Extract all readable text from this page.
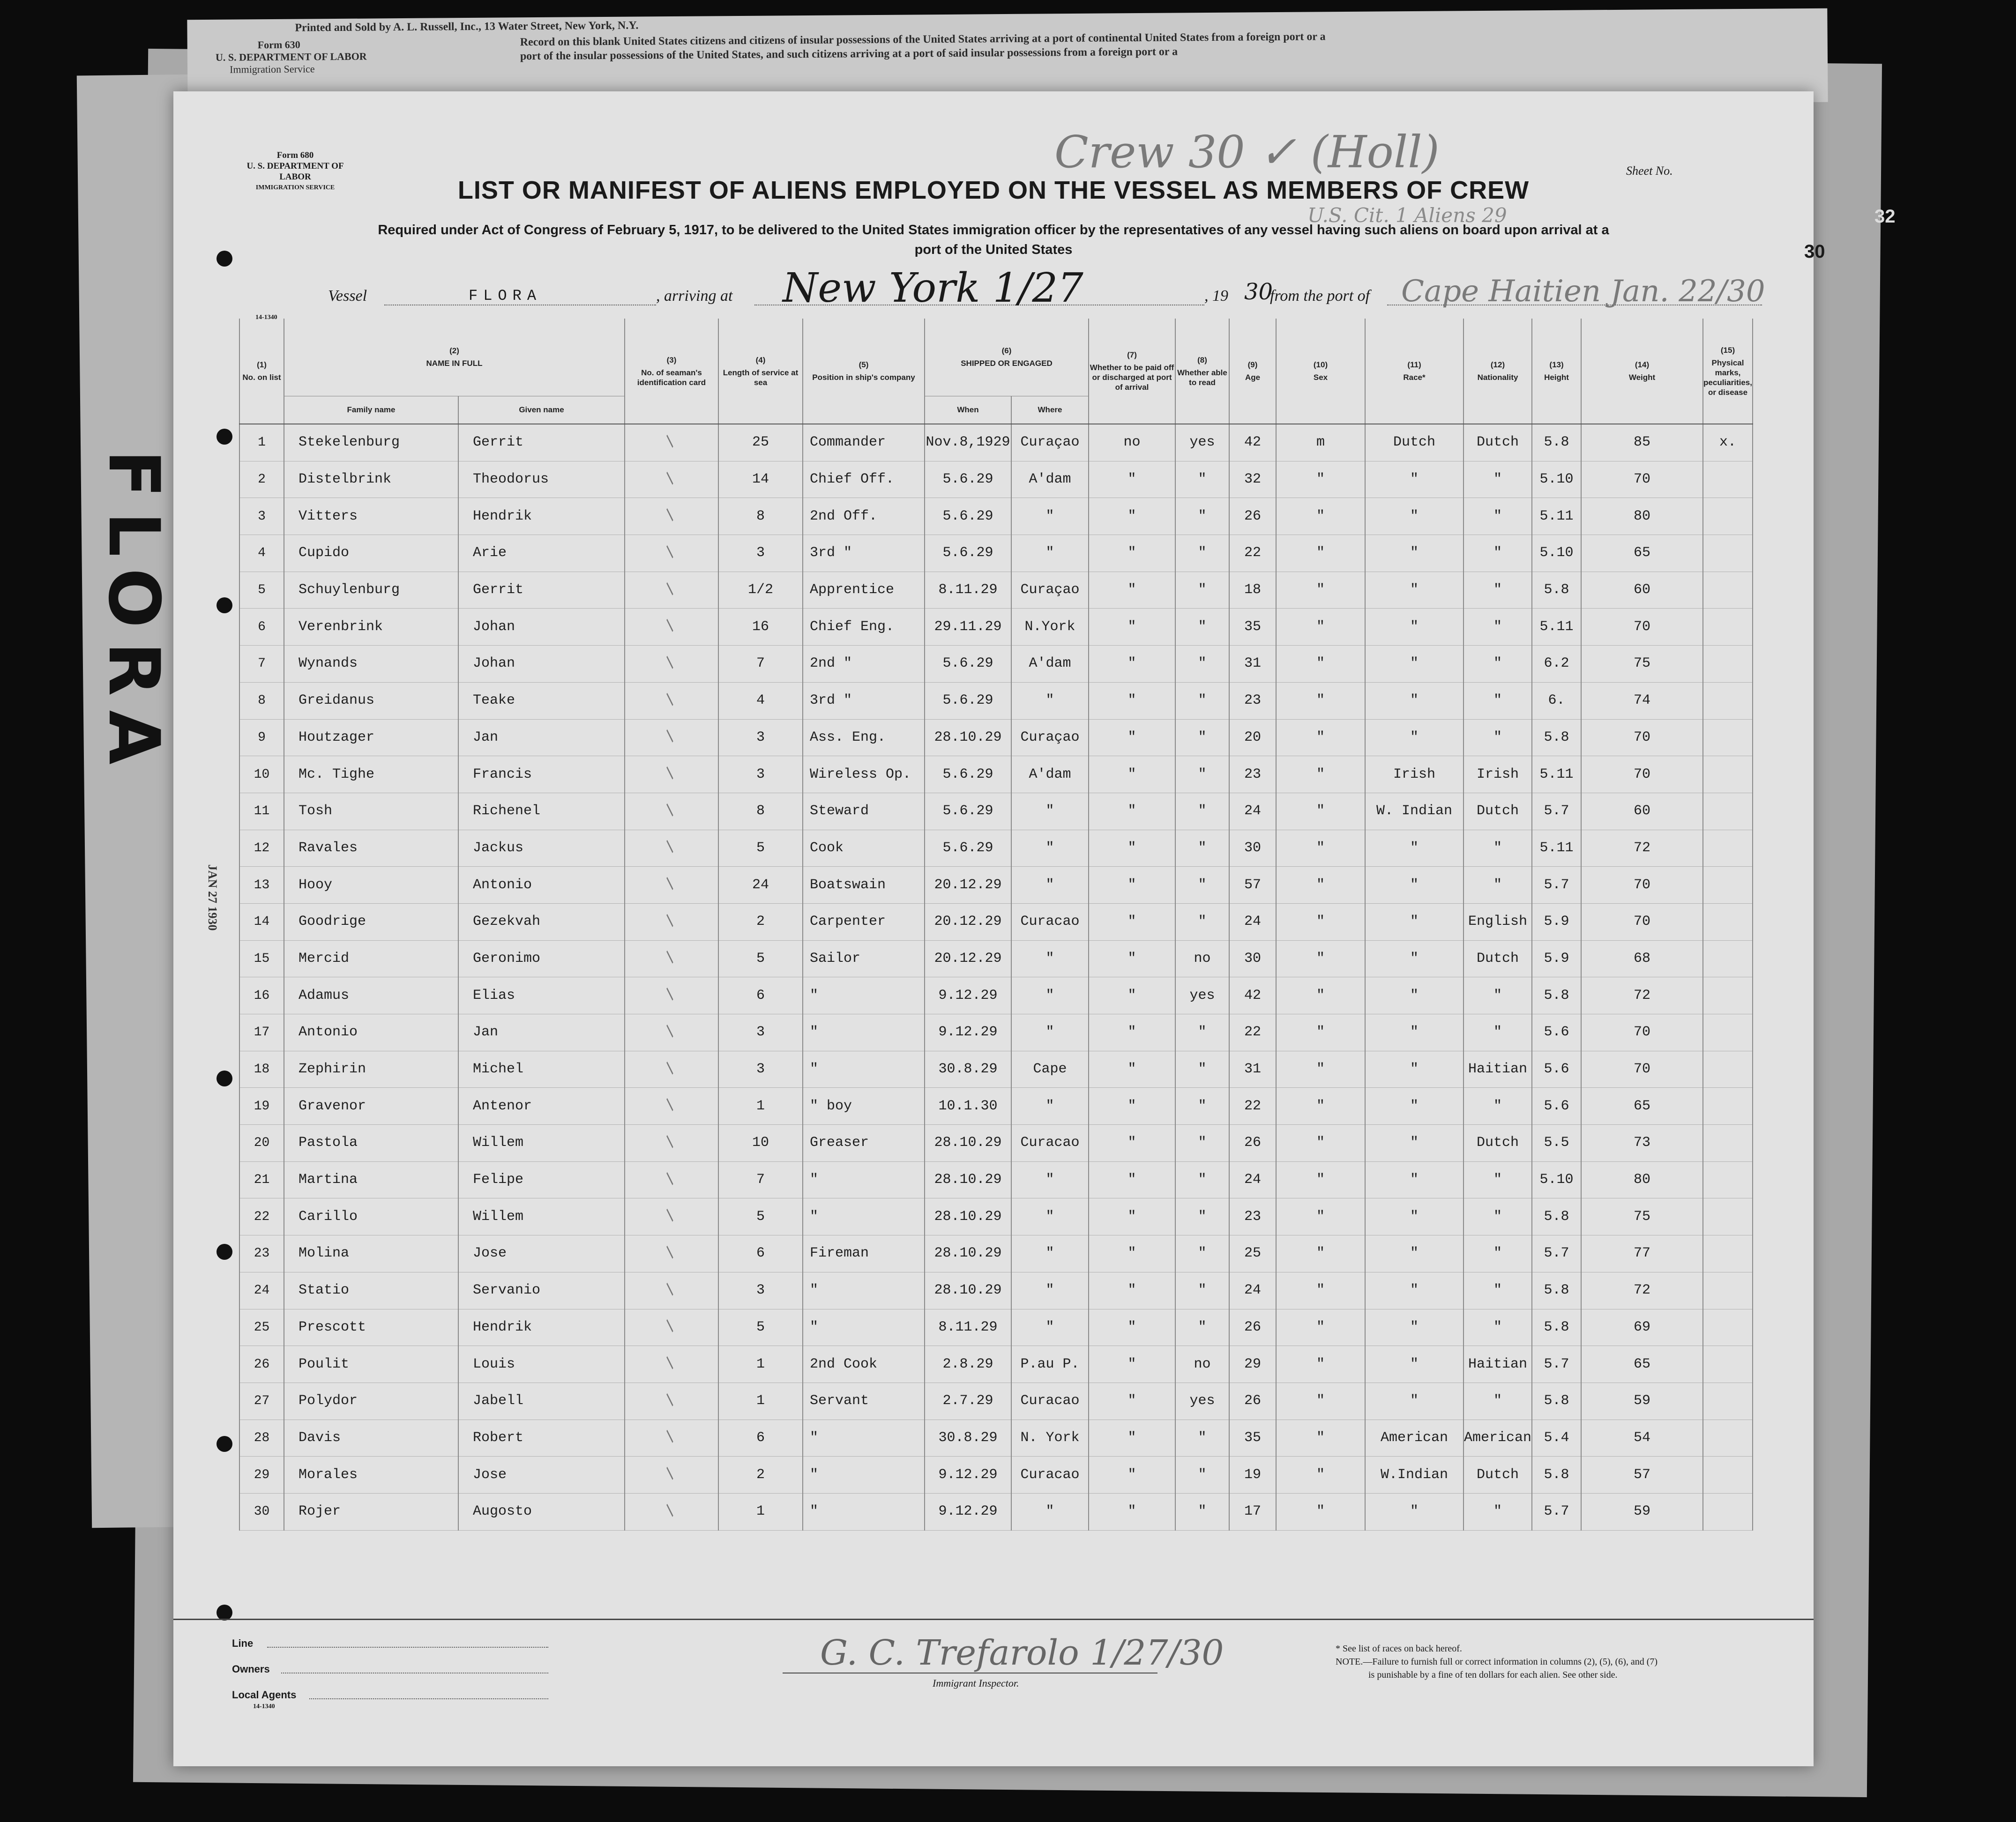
Printed and Sold by A. L. Russell, Inc., 13 Water Street, New York, N.Y.
Form 630
U. S. DEPARTMENT OF LABOR
Immigration Service
Record on this blank United States citizens and citizens of insular possessions of the United States arriving at a port of continental United States from a foreign port or a
port of the insular possessions of the United States, and such citizens arriving at a port of said insular possessions from a foreign port or a
Form 680
U. S. DEPARTMENT OF LABOR
IMMIGRATION SERVICE
Crew 30 ✓ (Holl)
U.S. Cit. 1 Aliens 29
Sheet No.
30
LIST OR MANIFEST OF ALIENS EMPLOYED ON THE VESSEL AS MEMBERS OF CREW
Required under Act of Congress of February 5, 1917, to be delivered to the United States immigration officer by the representatives of any vessel having such aliens on board upon arrival at a
port of the United States
Vessel	FLORA	, arriving at New York 1/27	, 19 30
from the port of Cape Haitien Jan. 22/30
14-1340
JAN 27 1930
(1)
No. on list	(2)
NAME IN FULL		(3)
No. of seaman's identification card	(4)
Length of service at sea	(5)
Position in ship's company	(6)
SHIPPED OR ENGAGED		(7)
Whether to be paid off or discharged at port of arrival	(8)
Whether able to read	(9)
Age	(10)
Sex	(11)
Race*	(12)
Nationality	(13)
Height	(14)
Weight	(15)
Physical marks, peculiarities, or disease	
	Family name	Given name				When	Where										
1	Stekelenburg	Gerrit	/	25	Commander	Nov.8,1929	Curaçao	no	yes	42	m	Dutch	Dutch	5.8	85	x.	
2	Distelbrink	Theodorus	/	14	Chief Off.	5.6.29	A'dam	"	"	32	"	"	"	5.10	70		
3	Vitters	Hendrik	/	8	2nd Off.	5.6.29	"	"	"	26	"	"	"	5.11	80		
4	Cupido	Arie	/	3	3rd "	5.6.29	"	"	"	22	"	"	"	5.10	65		
5	Schuylenburg	Gerrit	/	1/2	Apprentice	8.11.29	Curaçao	"	"	18	"	"	"	5.8	60		
6	Verenbrink	Johan	/	16	Chief Eng.	29.11.29	N.York	"	"	35	"	"	"	5.11	70		
7	Wynands	Johan	/	7	2nd "	5.6.29	A'dam	"	"	31	"	"	"	6.2	75		
8	Greidanus	Teake	/	4	3rd "	5.6.29	"	"	"	23	"	"	"	6.	74		
9	Houtzager	Jan	/	3	Ass. Eng.	28.10.29	Curaçao	"	"	20	"	"	"	5.8	70		
10	Mc. Tighe	Francis	/	3	Wireless Op.	5.6.29	A'dam	"	"	23	"	Irish	Irish	5.11	70		
11	Tosh	Richenel	/	8	Steward	5.6.29	"	"	"	24	"	W. Indian	Dutch	5.7	60		
12	Ravales	Jackus	/	5	Cook	5.6.29	"	"	"	30	"	"	"	5.11	72		
13	Hooy	Antonio	/	24	Boatswain	20.12.29	"	"	"	57	"	"	"	5.7	70		
14	Goodrige	Gezekvah	/	2	Carpenter	20.12.29	Curacao	"	"	24	"	"	English	5.9	70		
15	Mercid	Geronimo	/	5	Sailor	20.12.29	"	"	no	30	"	"	Dutch	5.9	68		
16	Adamus	Elias	/	6	"	9.12.29	"	"	yes	42	"	"	"	5.8	72		
17	Antonio	Jan	/	3	"	9.12.29	"	"	"	22	"	"	"	5.6	70		
18	Zephirin	Michel	/	3	"	30.8.29	Cape	"	"	31	"	"	Haitian	5.6	70		
19	Gravenor	Antenor	/	1	" boy	10.1.30	"	"	"	22	"	"	"	5.6	65		
20	Pastola	Willem	/	10	Greaser	28.10.29	Curacao	"	"	26	"	"	Dutch	5.5	73		
21	Martina	Felipe	/	7	"	28.10.29	"	"	"	24	"	"	"	5.10	80		
22	Carillo	Willem	/	5	"	28.10.29	"	"	"	23	"	"	"	5.8	75		
23	Molina	Jose	/	6	Fireman	28.10.29	"	"	"	25	"	"	"	5.7	77		
24	Statio	Servanio	/	3	"	28.10.29	"	"	"	24	"	"	"	5.8	72		
25	Prescott	Hendrik	/	5	"	8.11.29	"	"	"	26	"	"	"	5.8	69		
26	Poulit	Louis	/	1	2nd Cook	2.8.29	P.au P.	"	no	29	"	"	Haitian	5.7	65		
27	Polydor	Jabell	/	1	Servant	2.7.29	Curacao	"	yes	26	"	"	"	5.8	59		
28	Davis	Robert	/	6	"	30.8.29	N. York	"	"	35	"	American	American	5.4	54		
29	Morales	Jose	/	2	"	9.12.29	Curacao	"	"	19	"	W.Indian	Dutch	5.8	57		
30	Rojer	Augosto	/	1	"	9.12.29	"	"	"	17	"	"	"	5.7	59		
Line
Owners
Local Agents
14-1340
G. C. Trefarolo 1/27/30
Immigrant Inspector.
* See list of races on back hereof.
NOTE.—Failure to furnish full or correct information in columns (2), (5), (6), and (7)
is punishable by a fine of ten dollars for each alien. See other side.
32
